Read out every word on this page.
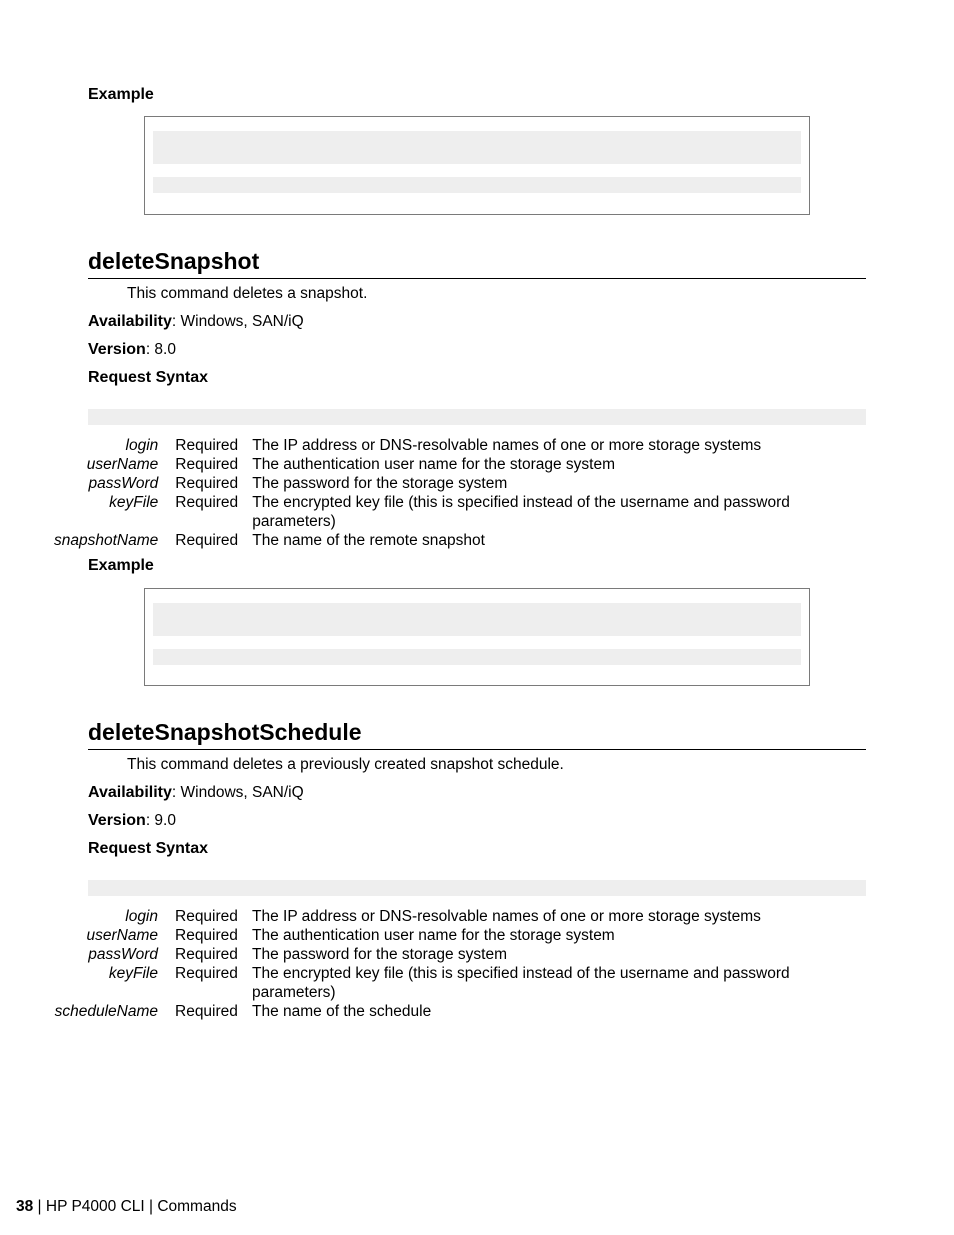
Example
deleteSnapshot
This command deletes a snapshot.
Availability: Windows, SAN/iQ
Version: 8.0
Request Syntax
login	Required	The IP address or DNS-resolvable names of one or more storage systems
userName	Required	The authentication user name for the storage system
passWord	Required	The password for the storage system
keyFile	Required	The encrypted key file (this is specified instead of the username and password parameters)
snapshotName	Required	The name of the remote snapshot
Example
deleteSnapshotSchedule
This command deletes a previously created snapshot schedule.
Availability: Windows, SAN/iQ
Version: 9.0
Request Syntax
login	Required	The IP address or DNS-resolvable names of one or more storage systems
userName	Required	The authentication user name for the storage system
passWord	Required	The password for the storage system
keyFile	Required	The encrypted key file (this is specified instead of the username and password parameters)
scheduleName	Required	The name of the schedule
38 | HP P4000 CLI | Commands
